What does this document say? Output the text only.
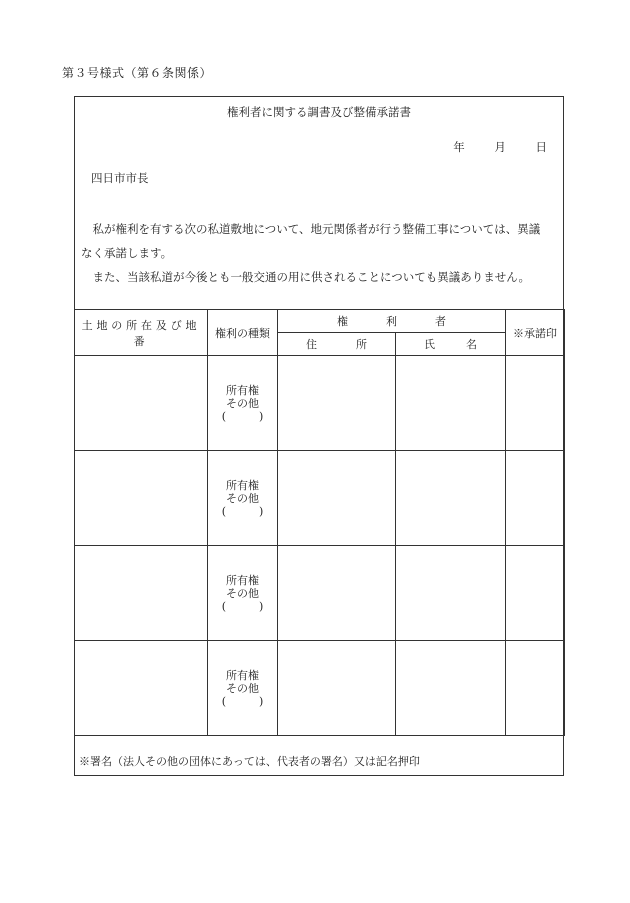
第３号様式（第６条関係）
権利者に関する調書及び整備承諾書
年	月	日
四日市市長

私が権利を有する次の私道敷地について、地元関係者が行う整備工事については、異議

なく承諾します。

また、当該私道が今後とも一般交通の用に供されることについても異議ありません。

土地の所在及び地番	権利の種類	権 利 者		※承諾印

		住 所	氏 名	

	所有権
その他
(　　　)			

	所有権
その他
(　　　)			

	所有権
その他
(　　　)			

	所有権
その他
(　　　)			

※署名（法人その他の団体にあっては、代表者の署名）又は記名押印
